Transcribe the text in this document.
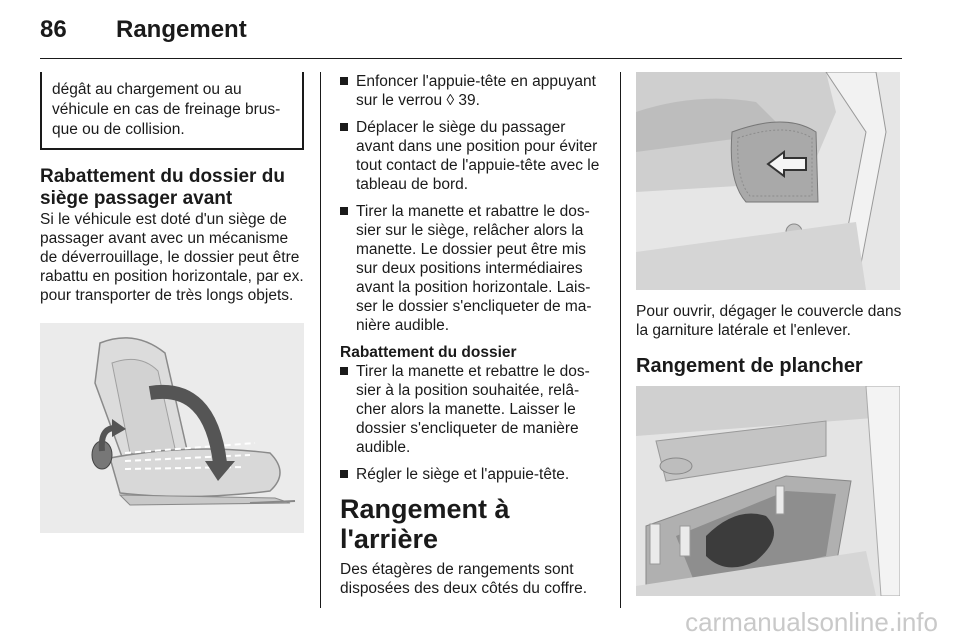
86 Rangement
dégât au chargement ou au véhicule en cas de freinage brus-que ou de collision.
Rabattement du dossier du siège passager avant

Si le véhicule est doté d'un siège de passager avant avec un mécanisme de déverrouillage, le dossier peut être rabattu en position horizontale, par ex. pour transporter de très longs objets.

Enfoncer l'appuie-tête en appuyant sur le verrou ◊ 39.
Déplacer le siège du passager avant dans une position pour éviter tout contact de l'appuie-tête avec le tableau de bord.
Tirer la manette et rabattre le dos-sier sur le siège, relâcher alors la manette. Le dossier peut être mis sur deux positions intermédiaires avant la position horizontale. Lais-ser le dossier s'encliqueter de ma-nière audible.
Rabattement du dossier
Tirer la manette et rebattre le dos-sier à la position souhaitée, relâ-cher alors la manette. Laisser le dossier s'encliqueter de manière audible.
Régler le siège et l'appuie-tête.
Rangement à l'arrière

Des étagères de rangements sont disposées des deux côtés du coffre.

Pour ouvrir, dégager le couvercle dans la garniture latérale et l'enlever.

Rangement de plancher
carmanualsonline.info
